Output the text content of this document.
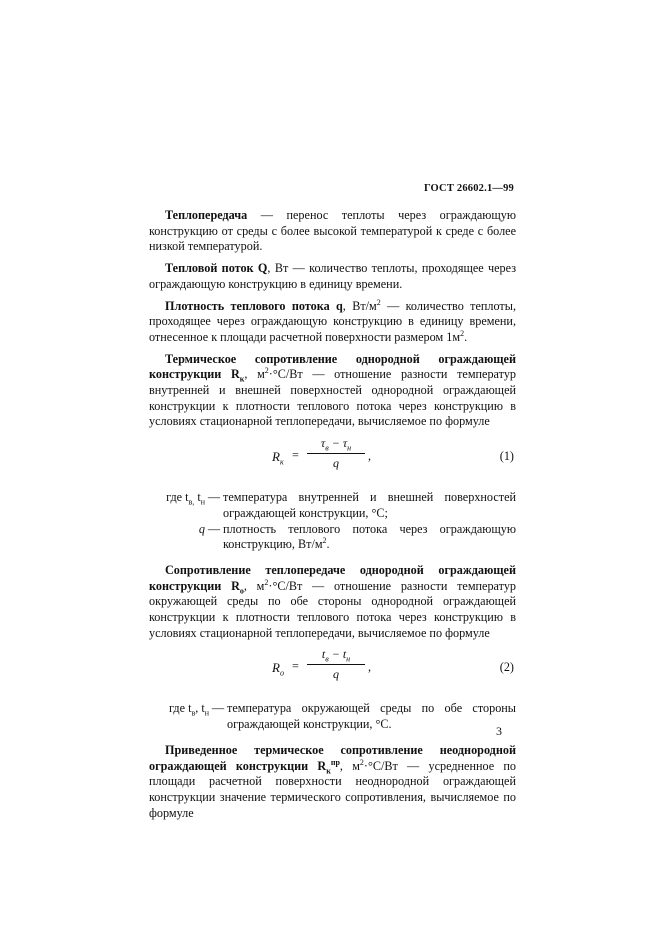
ГОСТ 26602.1—99

Теплопередача — перенос теплоты через ограждающую конструкцию от среды с более высокой температурой к среде с более низкой температурой.

Тепловой поток Q, Вт — количество теплоты, проходящее через ограждающую конструкцию в единицу времени.

Плотность теплового потока q, $Вт/м^2$ — количество теплоты, проходящее через ограждающую конструкцию в единицу времени, отнесенное к площади расчетной поверхности размером $1м^2$.

Термическое сопротивление однородной ограждающей конструкции $R_к$, $м^2\cdot^\circ С/Вт$ — отношение разности температур внутренней и внешней поверхностей однородной ограждающей конструкции к плотности теплового потока через конструкцию в условиях стационарной теплопередачи, вычисляемое по формуле

$R_к$
=
$\tau_в - \tau_н$
q	,	(1)
где $t_{в,}$ $t_н$ — температура внутренней и внешней поверхностей ограждающей конструкции, °С;
q — плотность теплового потока через ограждающую конструкцию, $Вт/м^2$.

Сопротивление теплопередаче однородной ограждающей конструкции $R_о$, $м^2\cdot^\circ С/Вт$ — отношение разности температур окружающей среды по обе стороны однородной ограждающей конструкции к плотности теплового потока через конструкцию в условиях стационарной теплопередачи, вычисляемое по формуле

$R_о$
=
$t_в - t_н$
q	,	(2)
где $t_в$, $t_н$ — температура окружающей среды по обе стороны ограждающей конструкции, °С.

Приведенное термическое сопротивление неоднородной ограждающей конструкции $R_к^{пр}$, $м^2\cdot^\circ С/Вт$ — усредненное по площади расчетной поверхности неоднородной ограждающей конструкции значение термического сопротивления, вычисляемое по формуле

3
